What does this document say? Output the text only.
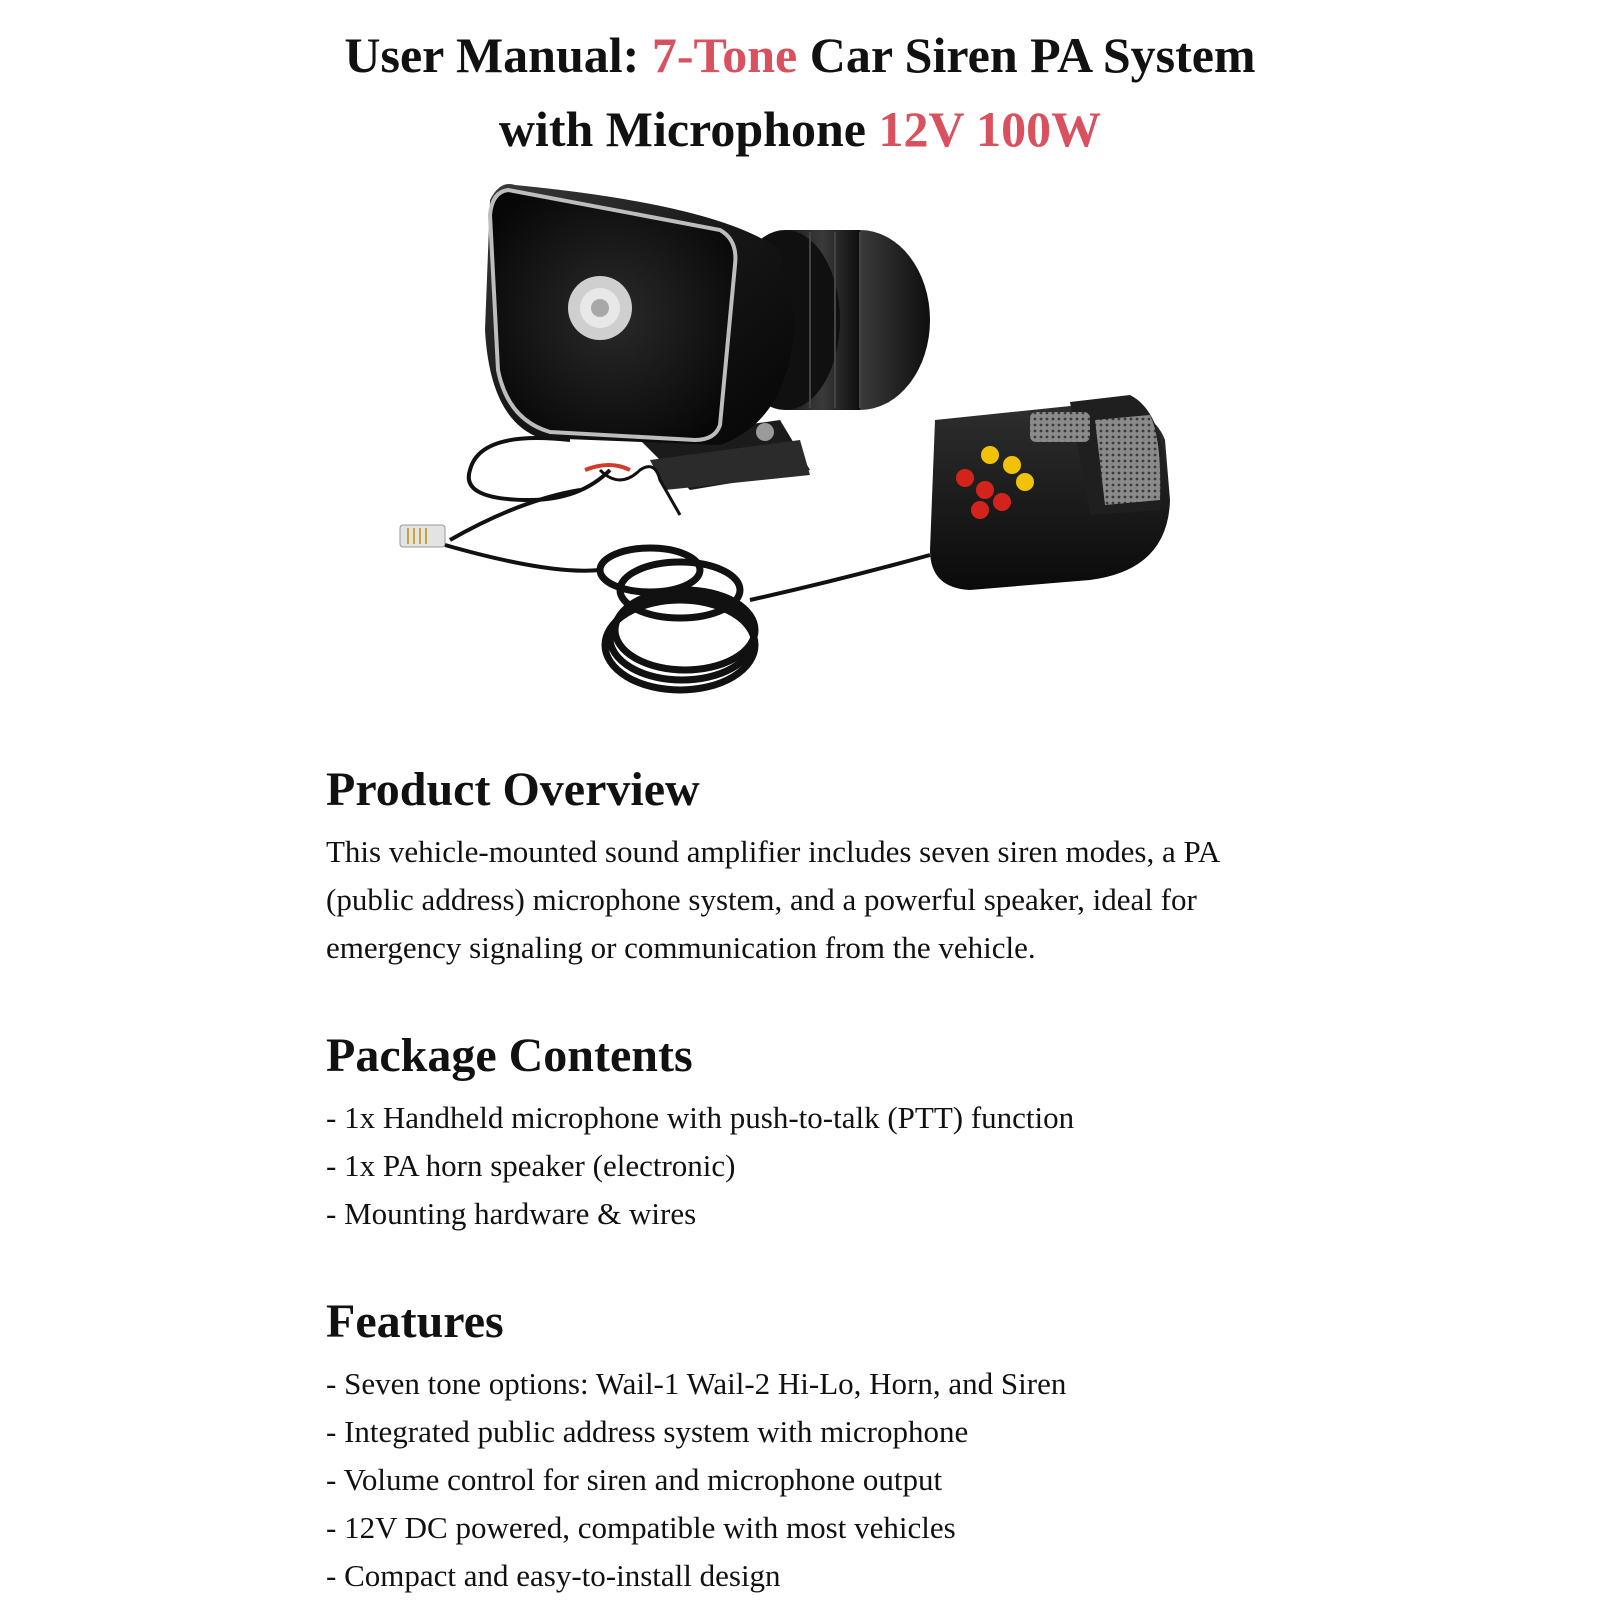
User Manual: 7-Tone Car Siren PA System
with Microphone 12V 100W
Product Overview

This vehicle-mounted sound amplifier includes seven siren modes, a PA (public address) microphone system, and a powerful speaker, ideal for emergency signaling or communication from the vehicle.

Package Contents
- 1x Handheld microphone with push-to-talk (PTT) function
- 1x PA horn speaker (electronic)
- Mounting hardware & wires
Features
- Seven tone options: Wail-1 Wail-2 Hi-Lo, Horn, and Siren
- Integrated public address system with microphone
- Volume control for siren and microphone output
- 12V DC powered, compatible with most vehicles
- Compact and easy-to-install design
